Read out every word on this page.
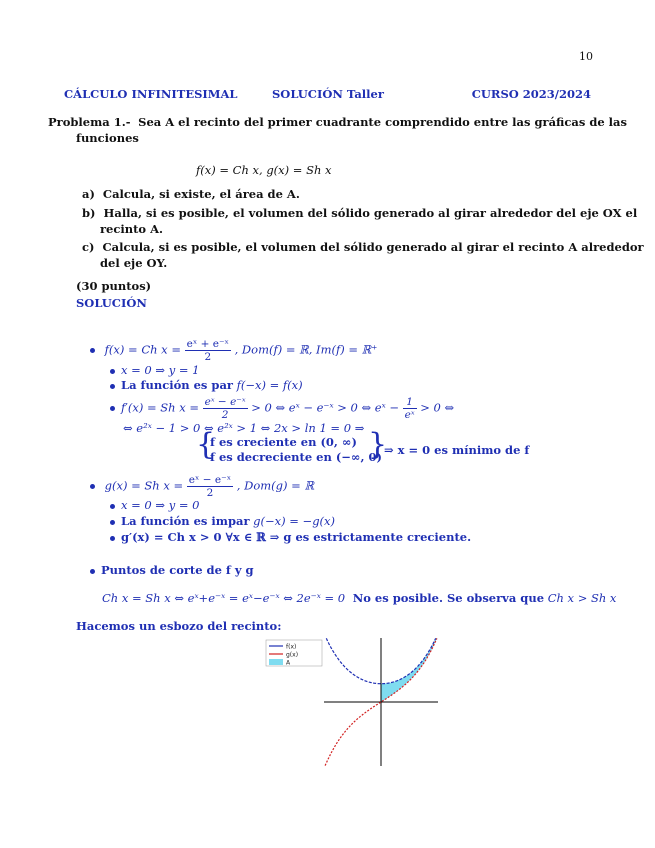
10
CÁLCULO INFINITESIMAL	SOLUCIÓN Taller	CURSO 2023/2024
Problema 1.- Sea A el recinto del primer cuadrante comprendido entre las gráficas de las
funciones
f(x) = Ch x, g(x) = Sh x
a) Calcula, si existe, el área de A.
b) Halla, si es posible, el volumen del sólido generado al girar alrededor del eje OX el
recinto A.
c) Calcula, si es posible, el volumen del sólido generado al girar el recinto A alrededor
del eje OY.
(30 puntos)
SOLUCIÓN
f(x) = Ch $x = \frac{\text{eˣ + e⁻ˣ}}{2}$ , Dom(f) = ℝ, Im(f) = ℝ⁺
x = 0 ⇒ y = 1
La función es par f(−x) = f(x)
f′(x) = Sh $x = \frac{\text{eˣ − e⁻ˣ}}{2} > 0$ ⇔ eˣ − e⁻ˣ > 0 ⇔ eˣ − $\frac{1}{\text{eˣ}} > 0$ ⇔
⇔ e²ˣ − 1 > 0 ⇔ e²ˣ > 1 ⇔ 2x > ln 1 = 0 ⇒
{
f es creciente en (0, ∞)
f es decreciente en (−∞, 0)
}
⇒ x = 0 es mínimo de f
g(x) = Sh $x = \frac{\text{eˣ − e⁻ˣ}}{2}$ , Dom(g) = ℝ
x = 0 ⇒ y = 0
La función es impar g(−x) = −g(x)
g′(x) = Ch x > 0 ∀x ∈ ℝ ⇒ g es estrictamente creciente.
Puntos de corte de f y g
Ch x = Sh x ⇔ eˣ+e⁻ˣ = eˣ−e⁻ˣ ⇔ 2e⁻ˣ = 0 No es posible. Se observa que Ch x > Sh x
Hacemos un esbozo del recinto:
f(x)
g(x)
A
